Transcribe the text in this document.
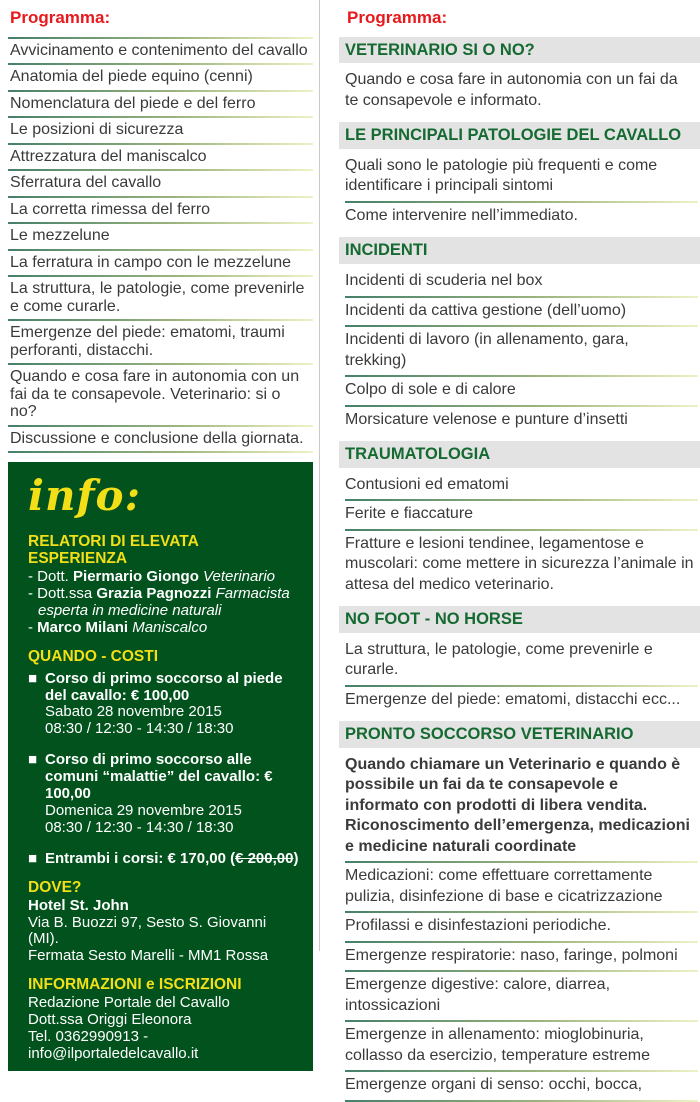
Programma:
Avvicinamento e contenimento del cavallo
Anatomia del piede equino (cenni)
Nomenclatura del piede e del ferro
Le posizioni di sicurezza
Attrezzatura del maniscalco
Sferratura del cavallo
La corretta rimessa del ferro
Le mezzelune
La ferratura in campo con le mezzelune
La struttura, le patologie, come prevenirle e come curarle.
Emergenze del piede: ematomi, traumi perforanti, distacchi.
Quando e cosa fare in autonomia con un fai da te consapevole. Veterinario: si o no?
Discussione e conclusione della giornata.
info:
RELATORI DI ELEVATA ESPERIENZA
- Dott. Piermario Giongo Veterinario
- Dott.ssa Grazia Pagnozzi Farmacista esperta in medicine naturali
- Marco Milani Maniscalco
QUANDO - COSTI
■ Corso di primo soccorso al piede del cavallo: € 100,00
Sabato 28 novembre 2015
08:30 / 12:30 - 14:30 / 18:30
■ Corso di primo soccorso alle comuni “malattie” del cavallo: € 100,00
Domenica 29 novembre 2015
08:30 / 12:30 - 14:30 / 18:30
■ Entrambi i corsi: € 170,00 (€ 200,00)
DOVE?
Hotel St. John
Via B. Buozzi 97, Sesto S. Giovanni (MI).
Fermata Sesto Marelli - MM1 Rossa
INFORMAZIONI e ISCRIZIONI
Redazione Portale del Cavallo
Dott.ssa Origgi Eleonora
Tel. 0362990913 - info@ilportaledelcavallo.it
Programma:
VETERINARIO SI O NO?
Quando e cosa fare in autonomia con un fai da te consapevole e informato.
LE PRINCIPALI PATOLOGIE DEL CAVALLO
Quali sono le patologie più frequenti e come identificare i principali sintomi
Come intervenire nell’immediato.
INCIDENTI
Incidenti di scuderia nel box
Incidenti da cattiva gestione (dell’uomo)
Incidenti di lavoro (in allenamento, gara, trekking)
Colpo di sole e di calore
Morsicature velenose e punture d’insetti
TRAUMATOLOGIA
Contusioni ed ematomi
Ferite e fiaccature
Fratture e lesioni tendinee, legamentose e muscolari: come mettere in sicurezza l’animale in attesa del medico veterinario.
NO FOOT - NO HORSE
La struttura, le patologie, come prevenirle e curarle.
Emergenze del piede: ematomi, distacchi ecc...
PRONTO SOCCORSO VETERINARIO
Quando chiamare un Veterinario e quando è possibile un fai da te consapevole e informato con prodotti di libera vendita. Riconoscimento dell’emergenza, medicazioni e medicine naturali coordinate
Medicazioni: come effettuare correttamente pulizia, disinfezione di base e cicatrizzazione
Profilassi e disinfestazioni periodiche.
Emergenze respiratorie: naso, faringe, polmoni
Emergenze digestive: calore, diarrea, intossicazioni
Emergenze in allenamento: mioglobinuria, collasso da esercizio, temperature estreme
Emergenze organi di senso: occhi, bocca,
